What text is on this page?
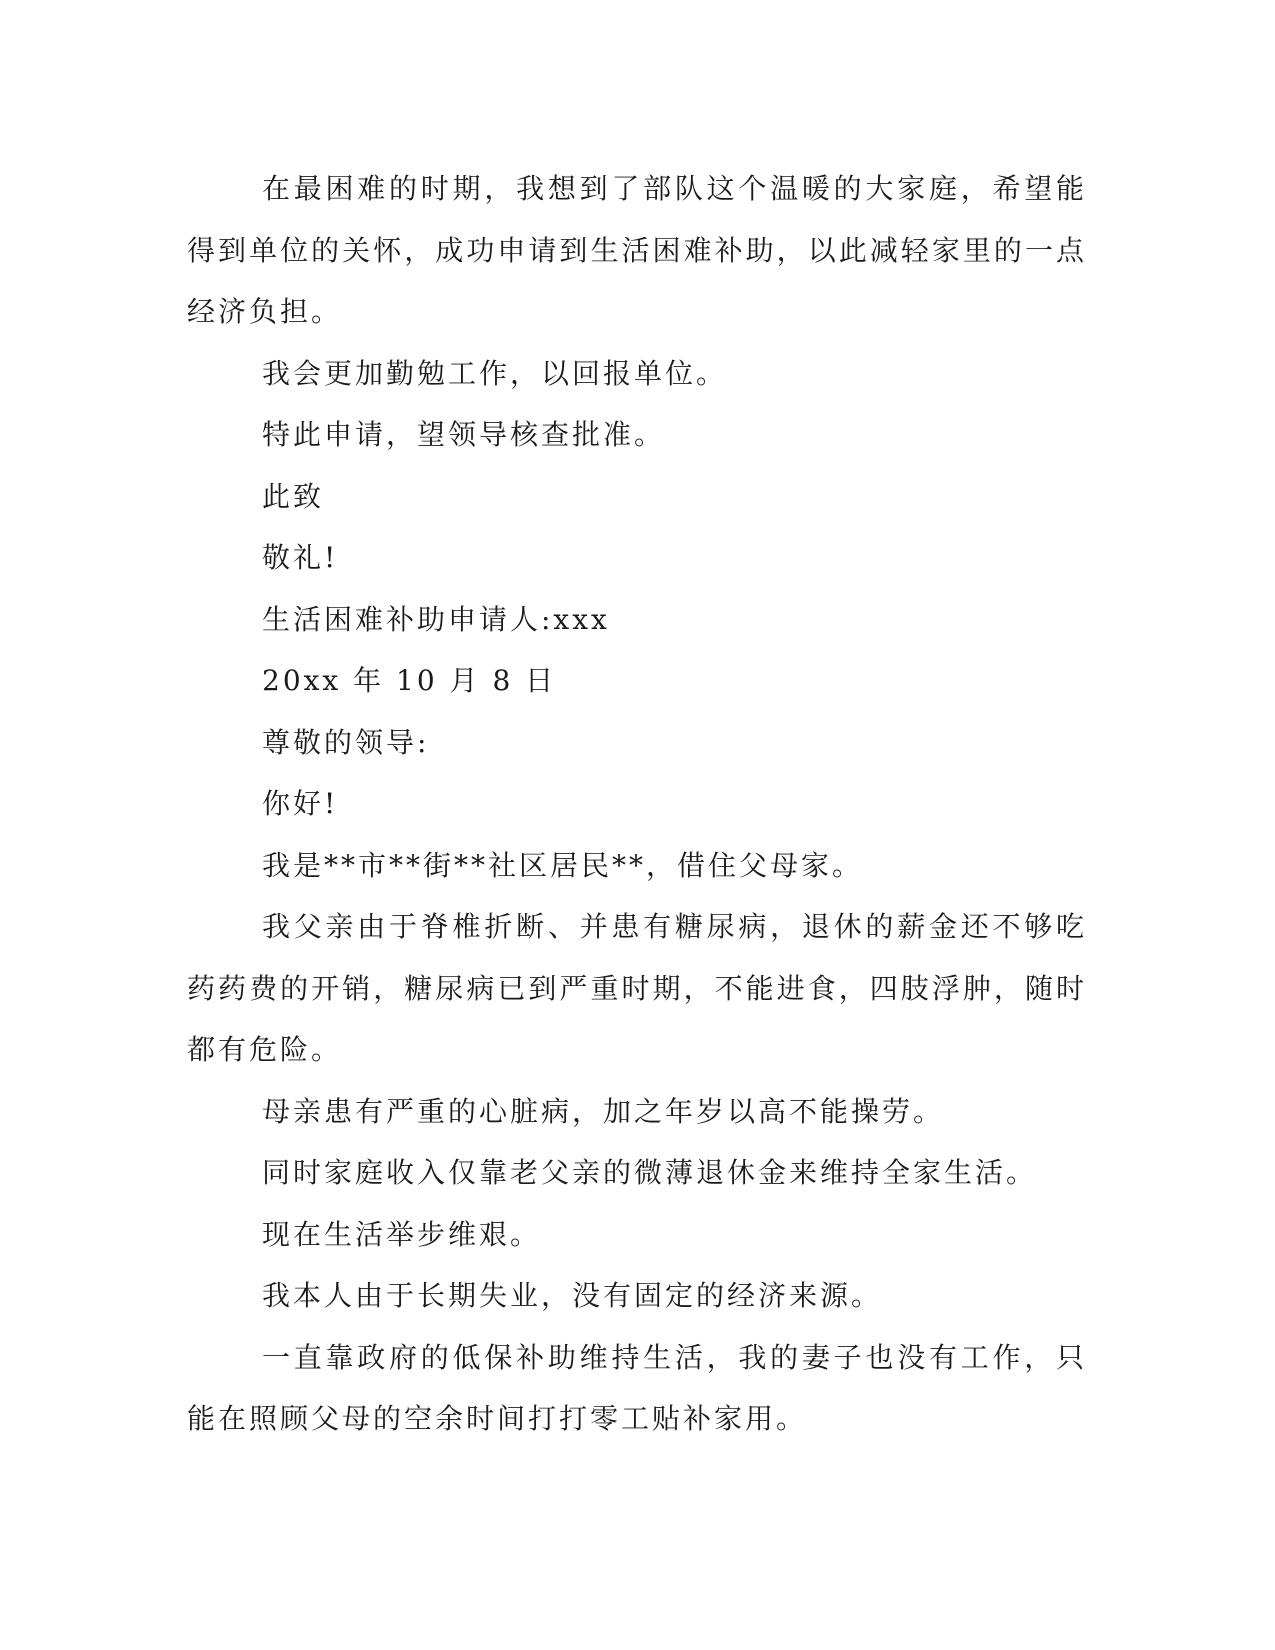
在最困难的时期，我想到了部队这个温暖的大家庭，希望能得到单位的关怀，成功申请到生活困难补助，以此减轻家里的一点经济负担。

我会更加勤勉工作，以回报单位。

特此申请，望领导核查批准。

此致

敬礼!

生活困难补助申请人:xxx

20xx 年 10 月 8 日

尊敬的领导:

你好!

我是**市**街**社区居民**，借住父母家。

我父亲由于脊椎折断、并患有糖尿病，退休的薪金还不够吃药药费的开销，糖尿病已到严重时期，不能进食，四肢浮肿，随时都有危险。

母亲患有严重的心脏病，加之年岁以高不能操劳。

同时家庭收入仅靠老父亲的微薄退休金来维持全家生活。

现在生活举步维艰。

我本人由于长期失业，没有固定的经济来源。

一直靠政府的低保补助维持生活，我的妻子也没有工作，只能在照顾父母的空余时间打打零工贴补家用。
